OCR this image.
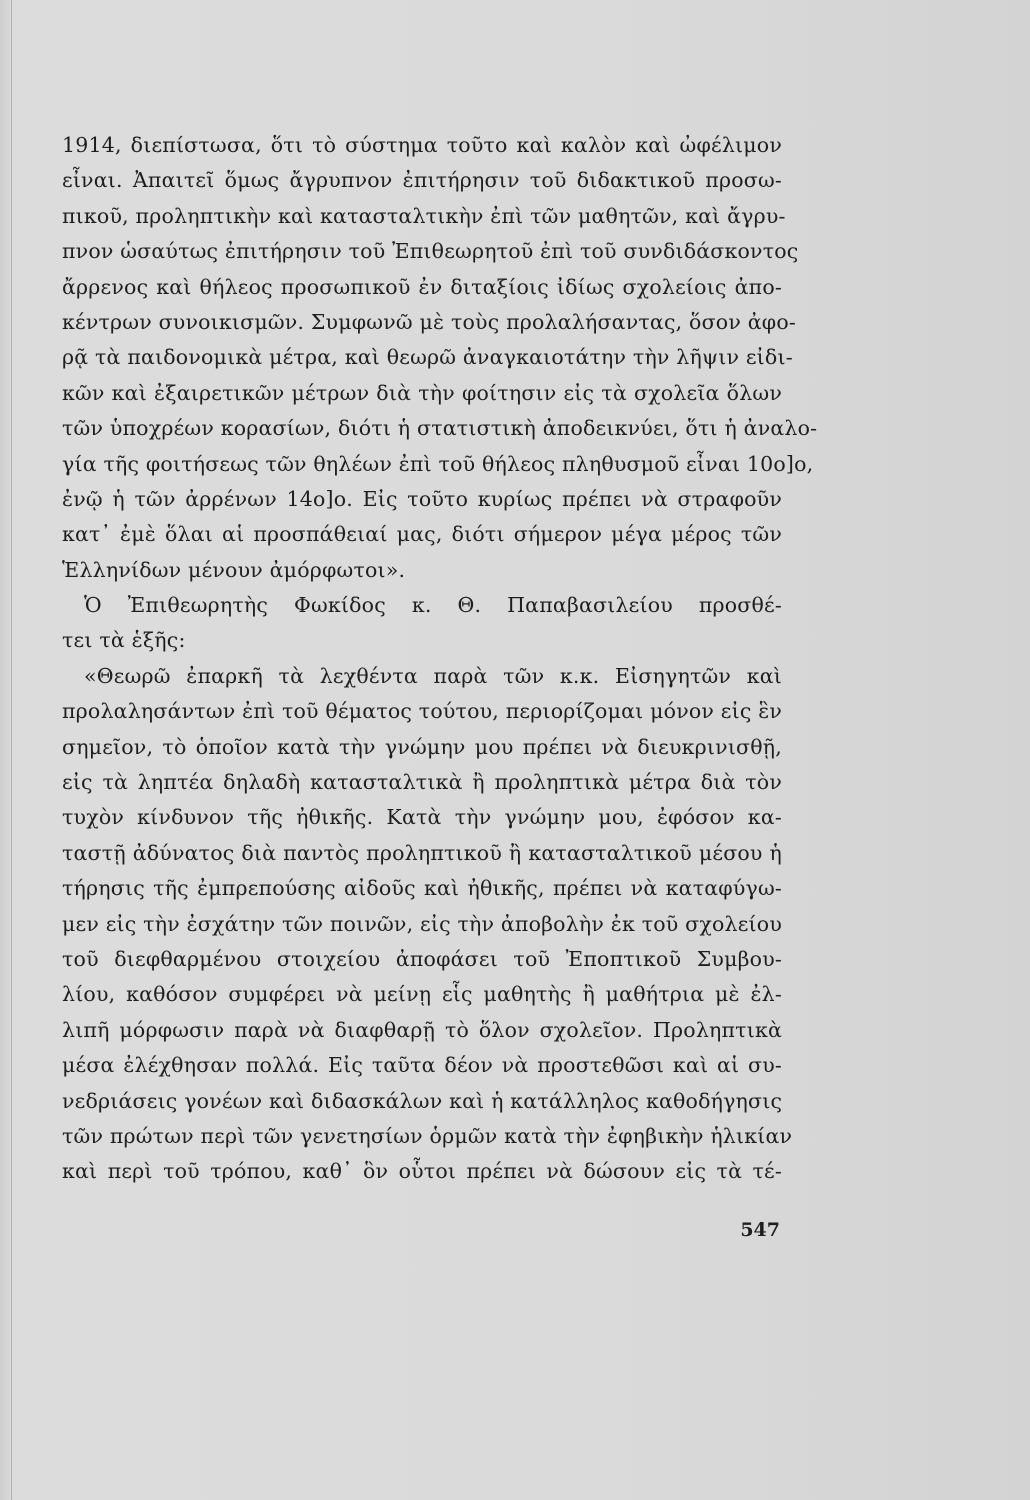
1914, διεπίστωσα, ὅτι τὸ σύστημα τοῦτο καὶ καλὸν καὶ ὠφέλιμον
εἶναι. Ἀπαιτεῖ ὅμως ἄγρυπνον ἐπιτήρησιν τοῦ διδακτικοῦ προσω-
πικοῦ, προληπτικὴν καὶ κατασταλτικὴν ἐπὶ τῶν μαθητῶν, καὶ ἄγρυ-
πνον ὡσαύτως ἐπιτήρησιν τοῦ Ἐπιθεωρητοῦ ἐπὶ τοῦ συνδιδάσκοντος
ἄρρενος καὶ θήλεος προσωπικοῦ ἐν διταξίοις ἰδίως σχολείοις ἀπο-
κέντρων συνοικισμῶν. Συμφωνῶ μὲ τοὺς προλαλήσαντας, ὅσον ἀφο-
ρᾷ τὰ παιδονομικὰ μέτρα, καὶ θεωρῶ ἀναγκαιοτάτην τὴν λῆψιν εἰδι-
κῶν καὶ ἐξαιρετικῶν μέτρων διὰ τὴν φοίτησιν εἰς τὰ σχολεῖα ὅλων
τῶν ὑποχρέων κορασίων, διότι ἡ στατιστικὴ ἀποδεικνύει, ὅτι ἡ ἀναλο-
γία τῆς φοιτήσεως τῶν θηλέων ἐπὶ τοῦ θήλεος πληθυσμοῦ εἶναι 10ο]ο,
ἐνῷ ἡ τῶν ἀρρένων 14ο]ο. Εἰς τοῦτο κυρίως πρέπει νὰ στραφοῦν
κατ᾽ ἐμὲ ὅλαι αἱ προσπάθειαί μας, διότι σήμερον μέγα μέρος τῶν
Ἑλληνίδων μένουν ἀμόρφωτοι».
Ὁ Ἐπιθεωρητὴς Φωκίδος κ. Θ. Παπαβασιλείου προσθέ-
τει τὰ ἑξῆς:
«Θεωρῶ ἐπαρκῆ τὰ λεχθέντα παρὰ τῶν κ.κ. Εἰσηγητῶν καὶ
προλαλησάντων ἐπὶ τοῦ θέματος τούτου, περιορίζομαι μόνον εἰς ἓν
σημεῖον, τὸ ὁποῖον κατὰ τὴν γνώμην μου πρέπει νὰ διευκρινισθῇ,
εἰς τὰ ληπτέα δηλαδὴ κατασταλτικὰ ἢ προληπτικὰ μέτρα διὰ τὸν
τυχὸν κίνδυνον τῆς ἠθικῆς. Κατὰ τὴν γνώμην μου, ἐφόσον κα-
ταστῇ ἀδύνατος διὰ παντὸς προληπτικοῦ ἢ κατασταλτικοῦ μέσου ἡ
τήρησις τῆς ἐμπρεπούσης αἰδοῦς καὶ ἠθικῆς, πρέπει νὰ καταφύγω-
μεν εἰς τὴν ἐσχάτην τῶν ποινῶν, εἰς τὴν ἀποβολὴν ἐκ τοῦ σχολείου
τοῦ διεφθαρμένου στοιχείου ἀποφάσει τοῦ Ἐποπτικοῦ Συμβου-
λίου, καθόσον συμφέρει νὰ μείνῃ εἷς μαθητὴς ἢ μαθήτρια μὲ ἐλ-
λιπῆ μόρφωσιν παρὰ νὰ διαφθαρῇ τὸ ὅλον σχολεῖον. Προληπτικὰ
μέσα ἐλέχθησαν πολλά. Εἰς ταῦτα δέον νὰ προστεθῶσι καὶ αἱ συ-
νεδριάσεις γονέων καὶ διδασκάλων καὶ ἡ κατάλληλος καθοδήγησις
τῶν πρώτων περὶ τῶν γενετησίων ὁρμῶν κατὰ τὴν ἐφηβικὴν ἡλικίαν
καὶ περὶ τοῦ τρόπου, καθ᾽ ὃν οὗτοι πρέπει νὰ δώσουν εἰς τὰ τέ-
547
